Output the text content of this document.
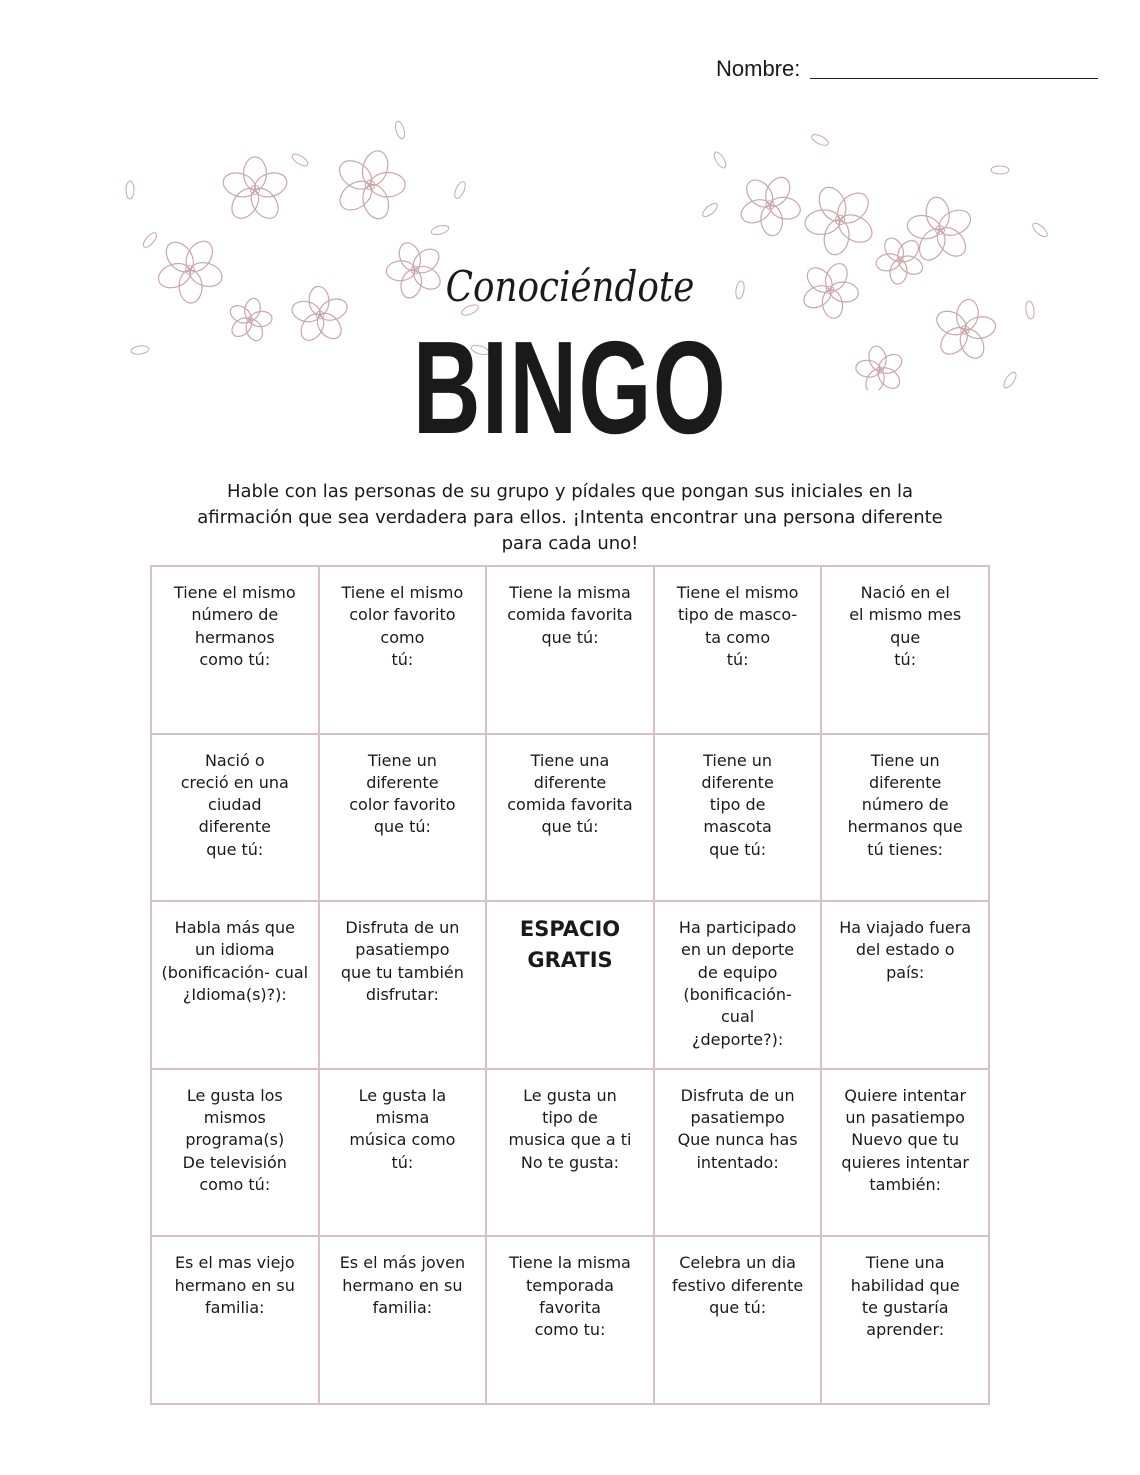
Nombre:
Conociéndote
BINGO
Hable con las personas de su grupo y pídales que pongan sus iniciales en la afirmación que sea verdadera para ellos. ¡Intenta encontrar una persona diferente para cada uno!
Tiene el mismo
número de
hermanos
como tú:
Tiene el mismo
color favorito
como
tú:
Tiene la misma
comida favorita
que tú:
Tiene el mismo
tipo de masco-
ta como
tú:
Nació en el
el mismo mes
que
tú:
Nació o
creció en una
ciudad
diferente
que tú:
Tiene un
diferente
color favorito
que tú:
Tiene una
diferente
comida favorita
que tú:
Tiene un
diferente
tipo de
mascota
que tú:
Tiene un
diferente
número de
hermanos que
tú tienes:
Habla más que
un idioma
(bonificación- cual
¿Idioma(s)?):
Disfruta de un
pasatiempo
que tu también
disfrutar:
ESPACIO
GRATIS
Ha participado
en un deporte
de equipo
(bonificación-
cual
¿deporte?):
Ha viajado fuera
del estado o
país:
Le gusta los
mismos
programa(s)
De televisión
como tú:
Le gusta la
misma
música como
tú:
Le gusta un
tipo de
musica que a ti
No te gusta:
Disfruta de un
pasatiempo
Que nunca has
intentado:
Quiere intentar
un pasatiempo
Nuevo que tu
quieres intentar
también:
Es el mas viejo
hermano en su
familia:
Es el más joven
hermano en su
familia:
Tiene la misma
temporada
favorita
como tu:
Celebra un dia
festivo diferente
que tú:
Tiene una
habilidad que
te gustaría
aprender:
